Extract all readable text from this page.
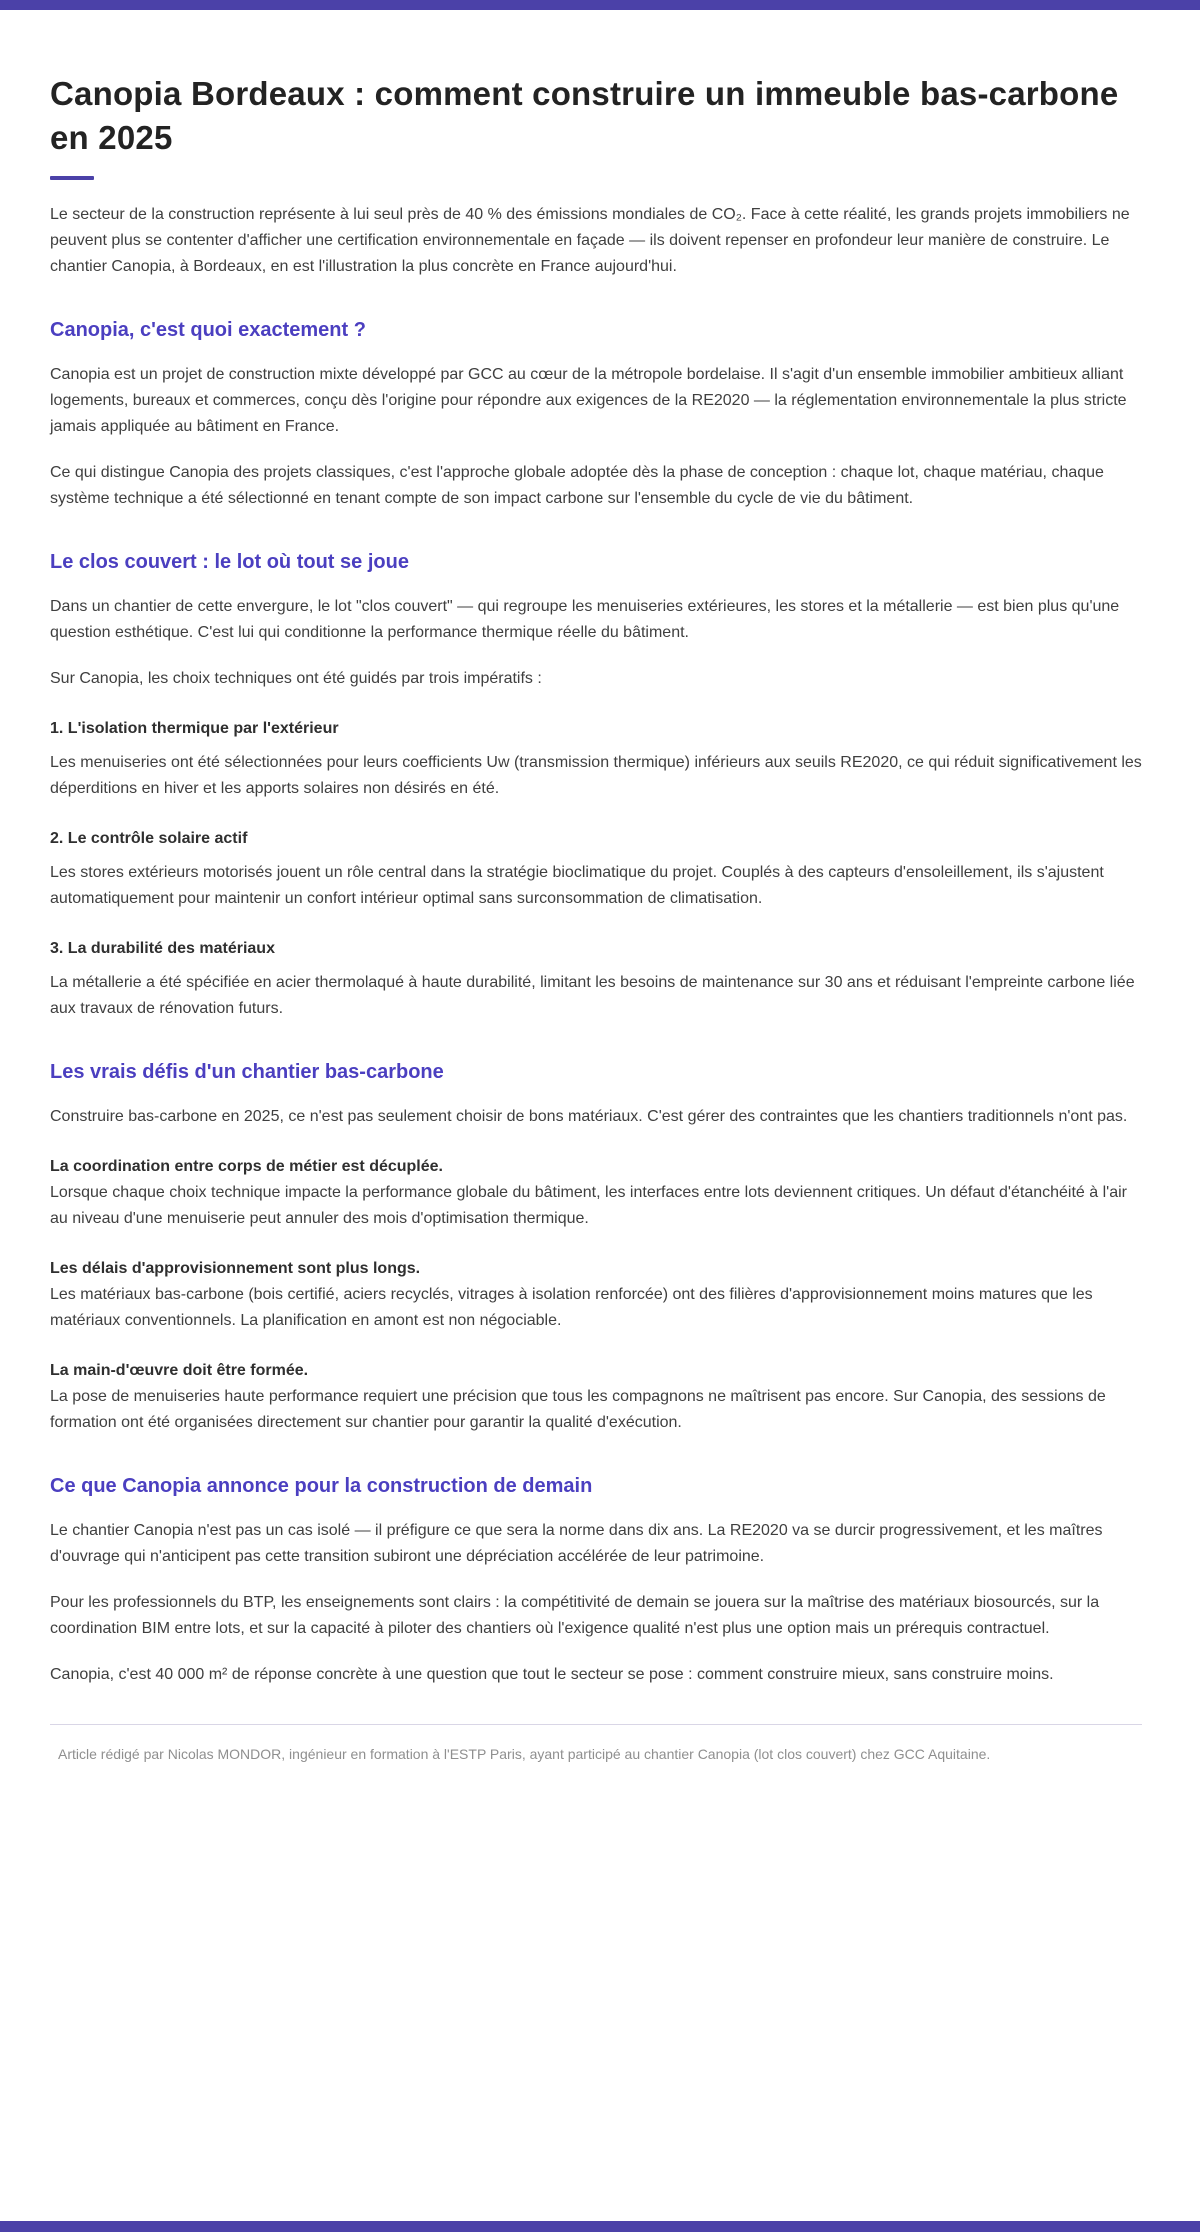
Canopia Bordeaux : comment construire un immeuble bas-carbone en 2025

Le secteur de la construction représente à lui seul près de 40 % des émissions mondiales de CO₂. Face à cette réalité, les grands projets immobiliers ne peuvent plus se contenter d'afficher une certification environnementale en façade — ils doivent repenser en profondeur leur manière de construire. Le chantier Canopia, à Bordeaux, en est l'illustration la plus concrète en France aujourd'hui.

Canopia, c'est quoi exactement ?

Canopia est un projet de construction mixte développé par GCC au cœur de la métropole bordelaise. Il s'agit d'un ensemble immobilier ambitieux alliant logements, bureaux et commerces, conçu dès l'origine pour répondre aux exigences de la RE2020 — la réglementation environnementale la plus stricte jamais appliquée au bâtiment en France.

Ce qui distingue Canopia des projets classiques, c'est l'approche globale adoptée dès la phase de conception : chaque lot, chaque matériau, chaque système technique a été sélectionné en tenant compte de son impact carbone sur l'ensemble du cycle de vie du bâtiment.

Le clos couvert : le lot où tout se joue

Dans un chantier de cette envergure, le lot "clos couvert" — qui regroupe les menuiseries extérieures, les stores et la métallerie — est bien plus qu'une question esthétique. C'est lui qui conditionne la performance thermique réelle du bâtiment.

Sur Canopia, les choix techniques ont été guidés par trois impératifs :

1. L'isolation thermique par l'extérieur

Les menuiseries ont été sélectionnées pour leurs coefficients Uw (transmission thermique) inférieurs aux seuils RE2020, ce qui réduit significativement les déperditions en hiver et les apports solaires non désirés en été.

2. Le contrôle solaire actif

Les stores extérieurs motorisés jouent un rôle central dans la stratégie bioclimatique du projet. Couplés à des capteurs d'ensoleillement, ils s'ajustent automatiquement pour maintenir un confort intérieur optimal sans surconsommation de climatisation.

3. La durabilité des matériaux

La métallerie a été spécifiée en acier thermolaqué à haute durabilité, limitant les besoins de maintenance sur 30 ans et réduisant l'empreinte carbone liée aux travaux de rénovation futurs.

Les vrais défis d'un chantier bas-carbone

Construire bas-carbone en 2025, ce n'est pas seulement choisir de bons matériaux. C'est gérer des contraintes que les chantiers traditionnels n'ont pas.

La coordination entre corps de métier est décuplée.
Lorsque chaque choix technique impacte la performance globale du bâtiment, les interfaces entre lots deviennent critiques. Un défaut d'étanchéité à l'air au niveau d'une menuiserie peut annuler des mois d'optimisation thermique.

Les délais d'approvisionnement sont plus longs.
Les matériaux bas-carbone (bois certifié, aciers recyclés, vitrages à isolation renforcée) ont des filières d'approvisionnement moins matures que les matériaux conventionnels. La planification en amont est non négociable.

La main-d'œuvre doit être formée.
La pose de menuiseries haute performance requiert une précision que tous les compagnons ne maîtrisent pas encore. Sur Canopia, des sessions de formation ont été organisées directement sur chantier pour garantir la qualité d'exécution.

Ce que Canopia annonce pour la construction de demain

Le chantier Canopia n'est pas un cas isolé — il préfigure ce que sera la norme dans dix ans. La RE2020 va se durcir progressivement, et les maîtres d'ouvrage qui n'anticipent pas cette transition subiront une dépréciation accélérée de leur patrimoine.

Pour les professionnels du BTP, les enseignements sont clairs : la compétitivité de demain se jouera sur la maîtrise des matériaux biosourcés, sur la coordination BIM entre lots, et sur la capacité à piloter des chantiers où l'exigence qualité n'est plus une option mais un prérequis contractuel.

Canopia, c'est 40 000 m² de réponse concrète à une question que tout le secteur se pose : comment construire mieux, sans construire moins.

Article rédigé par Nicolas MONDOR, ingénieur en formation à l'ESTP Paris, ayant participé au chantier Canopia (lot clos couvert) chez GCC Aquitaine.
